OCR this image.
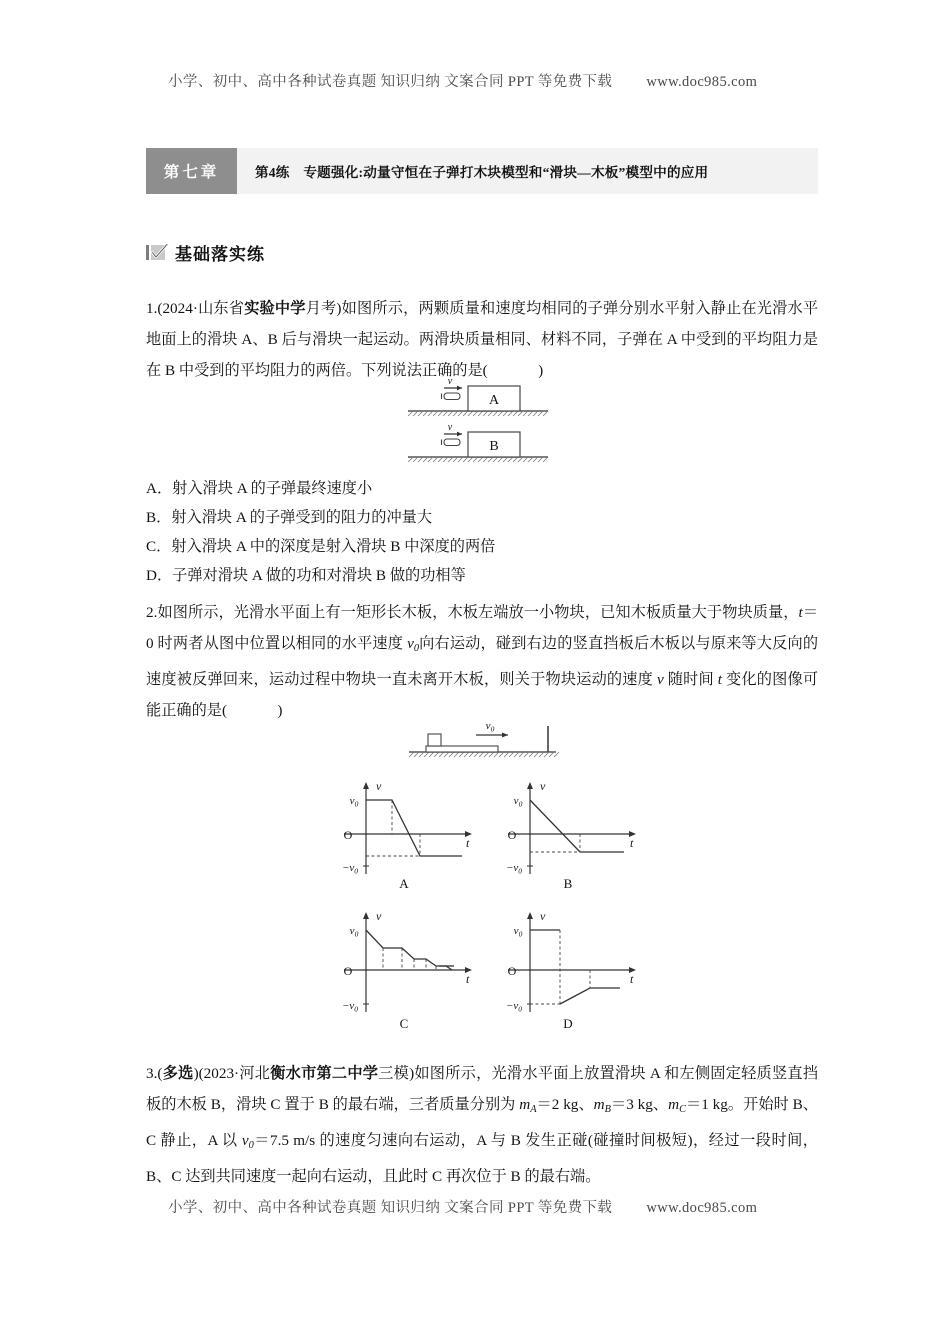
小学、初中、高中各种试卷真题 知识归纳 文案合同 PPT 等免费下载 www.doc985.com
第七章	第4练　专题强化:动量守恒在子弹打木块模型和“滑块—木板”模型中的应用
基础落实练
1.(2024·山东省实验中学月考)如图所示，两颗质量和速度均相同的子弹分别水平射入静止在光滑水平地面上的滑块 A、B 后与滑块一起运动。两滑块质量相同、材料不同，子弹在 A 中受到的平均阻力是在 B 中受到的平均阻力的两倍。下列说法正确的是(　　	)
A
v
B
v
A．射入滑块 A 的子弹最终速度小
B．射入滑块 A 的子弹受到的阻力的冲量大
C．射入滑块 A 中的深度是射入滑块 B 中深度的两倍
D．子弹对滑块 A 做的功和对滑块 B 做的功相等
2.如图所示，光滑水平面上有一矩形长木板，木板左端放一小物块，已知木板质量大于物块质量，t＝0 时两者从图中位置以相同的水平速度 $v_0$向右运动，碰到右边的竖直挡板后木板以与原来等大反向的速度被反弹回来，运动过程中物块一直未离开木板，则关于物块运动的速度 v 随时间 t 变化的图像可能正确的是(　　	)
$v_0$
v
t
O
$v_0$
$-v_0$
A
v
t
O
$v_0$
$-v_0$
B
v
t
O
$v_0$
$-v_0$
C
v
t
O
$v_0$
$-v_0$
D
3.(多选)(2023·河北衡水市第二中学三模)如图所示，光滑水平面上放置滑块 A 和左侧固定轻质竖直挡板的木板 B，滑块 C 置于 B 的最右端，三者质量分别为 $m_A=2$ kg、$m_B=3$ kg、$m_C=1$ kg。开始时 B、C 静止，A 以 $v_0=7.5$ m/s 的速度匀速向右运动，A 与 B 发生正碰(碰撞时间极短)，经过一段时间，B、C 达到共同速度一起向右运动，且此时 C 再次位于 B 的最右端。
小学、初中、高中各种试卷真题 知识归纳 文案合同 PPT 等免费下载 www.doc985.com
